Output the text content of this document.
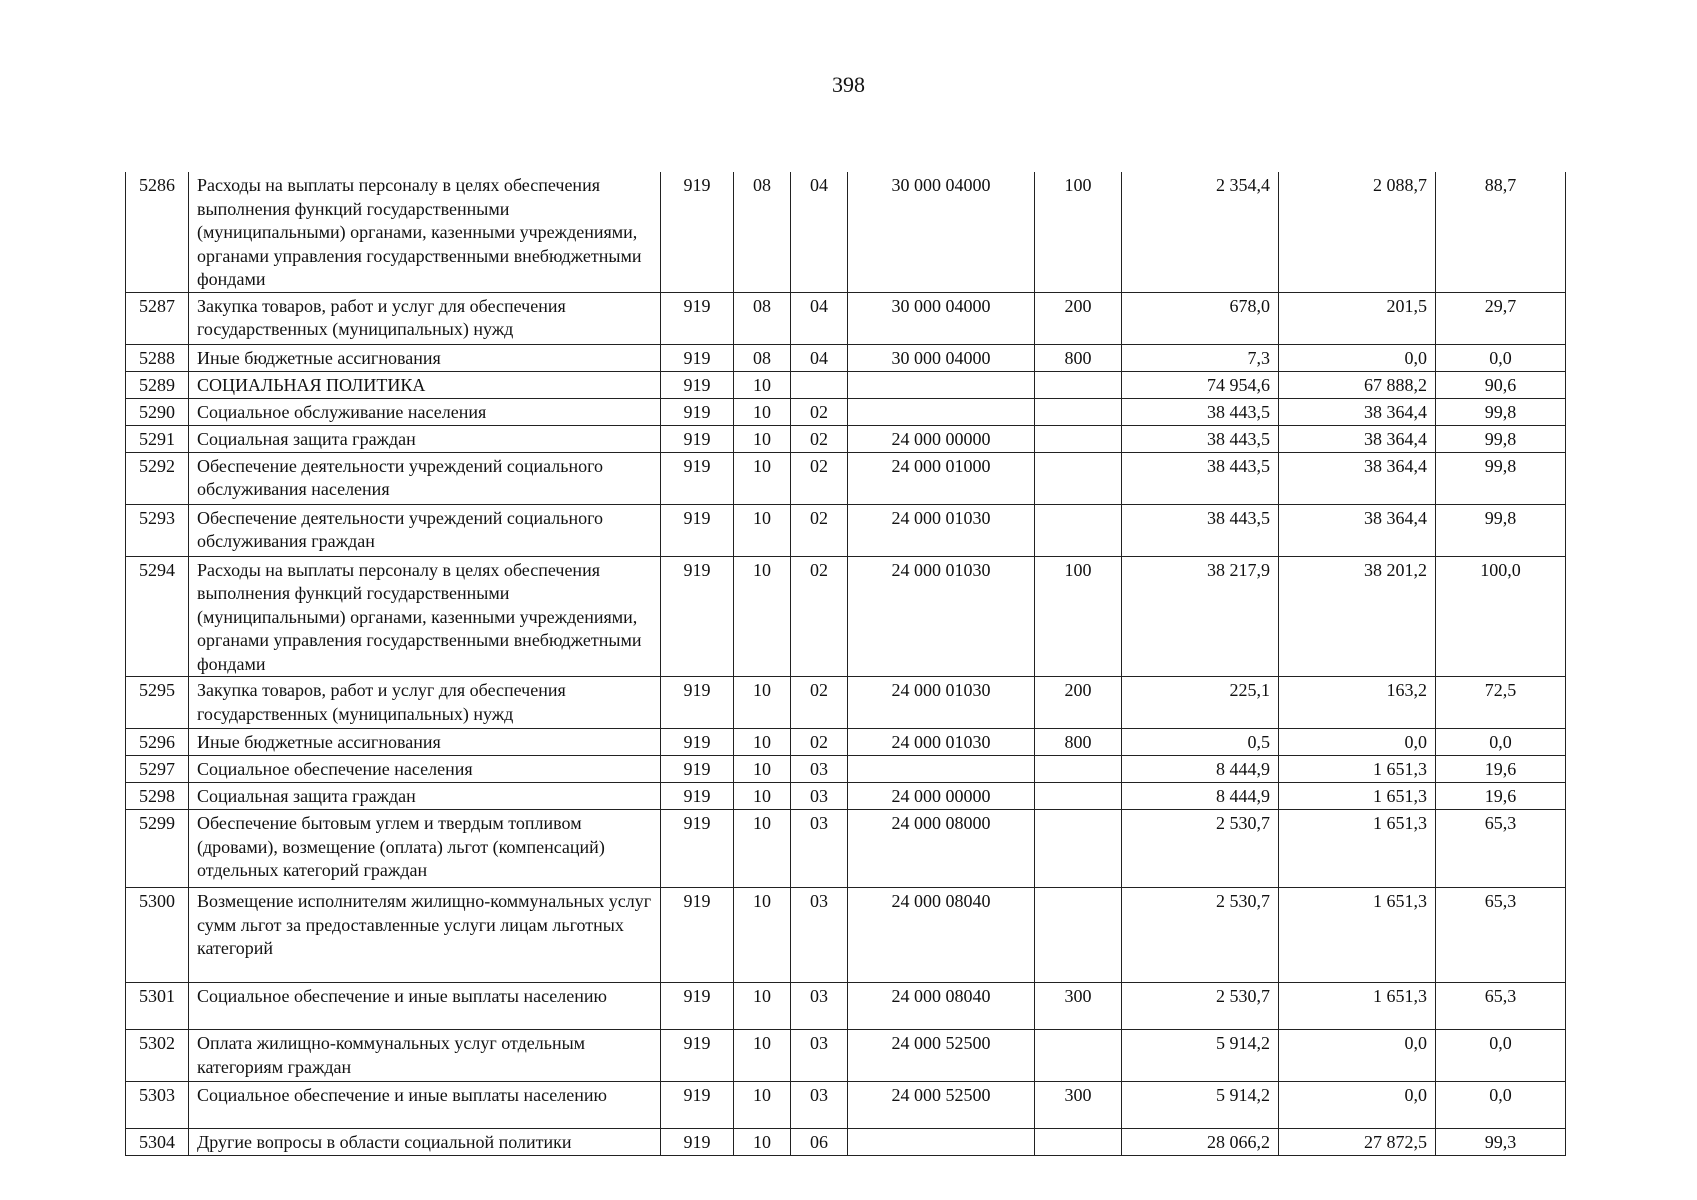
398
5286	Расходы на выплаты персоналу в целях обеспечения выполнения функций государственными (муниципальными) органами, казенными учреждениями, органами управления государственными внебюджетными фондами	919	08	04	30 000 04000	100	2 354,4	2 088,7	88,7
5287	Закупка товаров, работ и услуг для обеспечения государственных (муниципальных) нужд	919	08	04	30 000 04000	200	678,0	201,5	29,7
5288	Иные бюджетные ассигнования	919	08	04	30 000 04000	800	7,3	0,0	0,0
5289	СОЦИАЛЬНАЯ ПОЛИТИКА	919	10				74 954,6	67 888,2	90,6
5290	Социальное обслуживание населения	919	10	02			38 443,5	38 364,4	99,8
5291	Социальная защита граждан	919	10	02	24 000 00000		38 443,5	38 364,4	99,8
5292	Обеспечение деятельности учреждений социального обслуживания населения	919	10	02	24 000 01000		38 443,5	38 364,4	99,8
5293	Обеспечение деятельности учреждений социального обслуживания граждан	919	10	02	24 000 01030		38 443,5	38 364,4	99,8
5294	Расходы на выплаты персоналу в целях обеспечения выполнения функций государственными (муниципальными) органами, казенными учреждениями, органами управления государственными внебюджетными фондами	919	10	02	24 000 01030	100	38 217,9	38 201,2	100,0
5295	Закупка товаров, работ и услуг для обеспечения государственных (муниципальных) нужд	919	10	02	24 000 01030	200	225,1	163,2	72,5
5296	Иные бюджетные ассигнования	919	10	02	24 000 01030	800	0,5	0,0	0,0
5297	Социальное обеспечение населения	919	10	03			8 444,9	1 651,3	19,6
5298	Социальная защита граждан	919	10	03	24 000 00000		8 444,9	1 651,3	19,6
5299	Обеспечение бытовым углем и твердым топливом (дровами), возмещение (оплата) льгот (компенсаций) отдельных категорий граждан	919	10	03	24 000 08000		2 530,7	1 651,3	65,3
5300	Возмещение исполнителям жилищно-коммунальных услуг сумм льгот за предоставленные услуги лицам льготных категорий	919	10	03	24 000 08040		2 530,7	1 651,3	65,3
5301	Социальное обеспечение и иные выплаты населению	919	10	03	24 000 08040	300	2 530,7	1 651,3	65,3
5302	Оплата жилищно-коммунальных услуг отдельным категориям граждан	919	10	03	24 000 52500		5 914,2	0,0	0,0
5303	Социальное обеспечение и иные выплаты населению	919	10	03	24 000 52500	300	5 914,2	0,0	0,0
5304	Другие вопросы в области социальной политики	919	10	06			28 066,2	27 872,5	99,3
